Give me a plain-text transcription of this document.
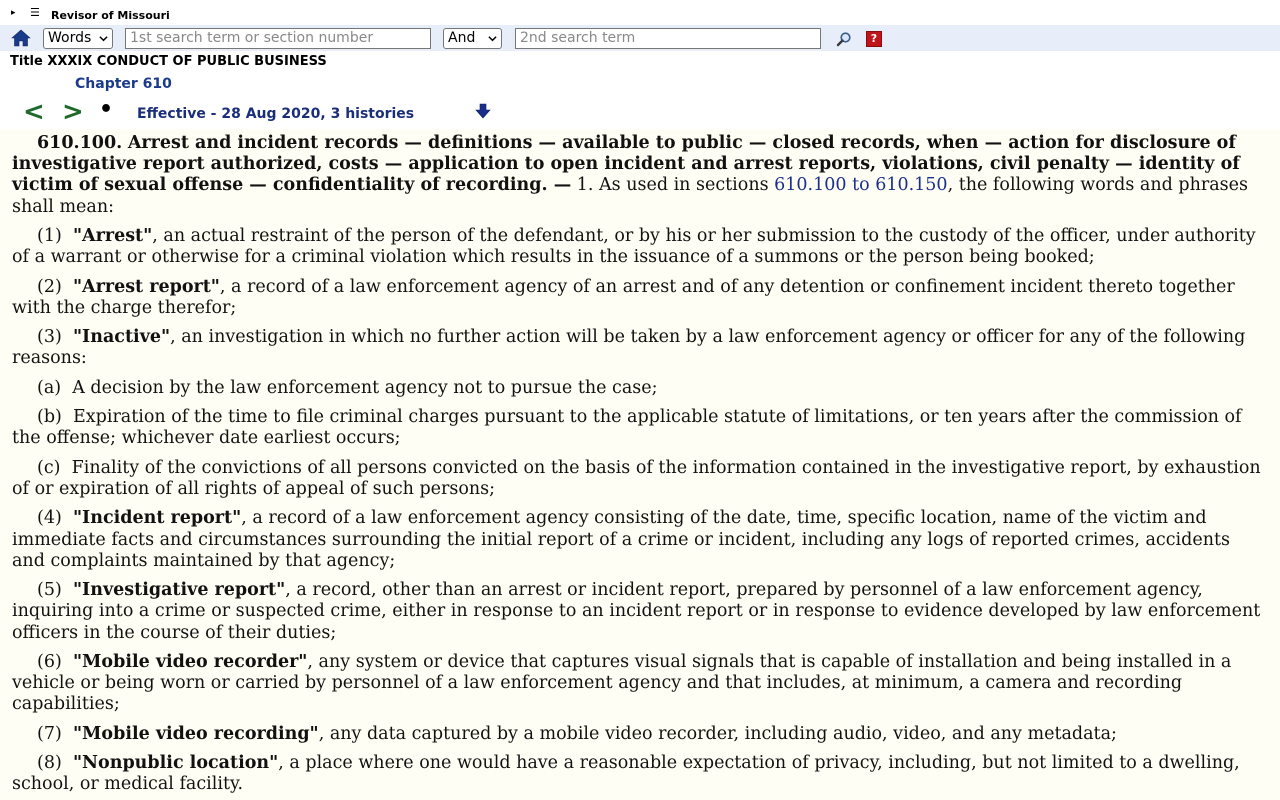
▸ ☰ Revisor of Missouri
Words	1st search term or section number	And	2nd search term	?
Title XXXIX CONDUCT OF PUBLIC BUSINESS
Chapter 610
< > • Effective - 28 Aug 2020, 3 histories

610.100. Arrest and incident records — definitions — available to public — closed records, when — action for disclosure of investigative report authorized, costs — application to open incident and arrest reports, violations, civil penalty — identity of victim of sexual offense — confidentiality of recording. — 1. As used in sections 610.100 to 610.150, the following words and phrases shall mean:

(1) "Arrest", an actual restraint of the person of the defendant, or by his or her submission to the custody of the officer, under authority of a warrant or otherwise for a criminal violation which results in the issuance of a summons or the person being booked;

(2) "Arrest report", a record of a law enforcement agency of an arrest and of any detention or confinement incident thereto together with the charge therefor;

(3) "Inactive", an investigation in which no further action will be taken by a law enforcement agency or officer for any of the following reasons:

(a) A decision by the law enforcement agency not to pursue the case;

(b) Expiration of the time to file criminal charges pursuant to the applicable statute of limitations, or ten years after the commission of the offense; whichever date earliest occurs;

(c) Finality of the convictions of all persons convicted on the basis of the information contained in the investigative report, by exhaustion of or expiration of all rights of appeal of such persons;

(4) "Incident report", a record of a law enforcement agency consisting of the date, time, specific location, name of the victim and immediate facts and circumstances surrounding the initial report of a crime or incident, including any logs of reported crimes, accidents and complaints maintained by that agency;

(5) "Investigative report", a record, other than an arrest or incident report, prepared by personnel of a law enforcement agency, inquiring into a crime or suspected crime, either in response to an incident report or in response to evidence developed by law enforcement officers in the course of their duties;

(6) "Mobile video recorder", any system or device that captures visual signals that is capable of installation and being installed in a vehicle or being worn or carried by personnel of a law enforcement agency and that includes, at minimum, a camera and recording capabilities;

(7) "Mobile video recording", any data captured by a mobile video recorder, including audio, video, and any metadata;

(8) "Nonpublic location", a place where one would have a reasonable expectation of privacy, including, but not limited to a dwelling, school, or medical facility.
